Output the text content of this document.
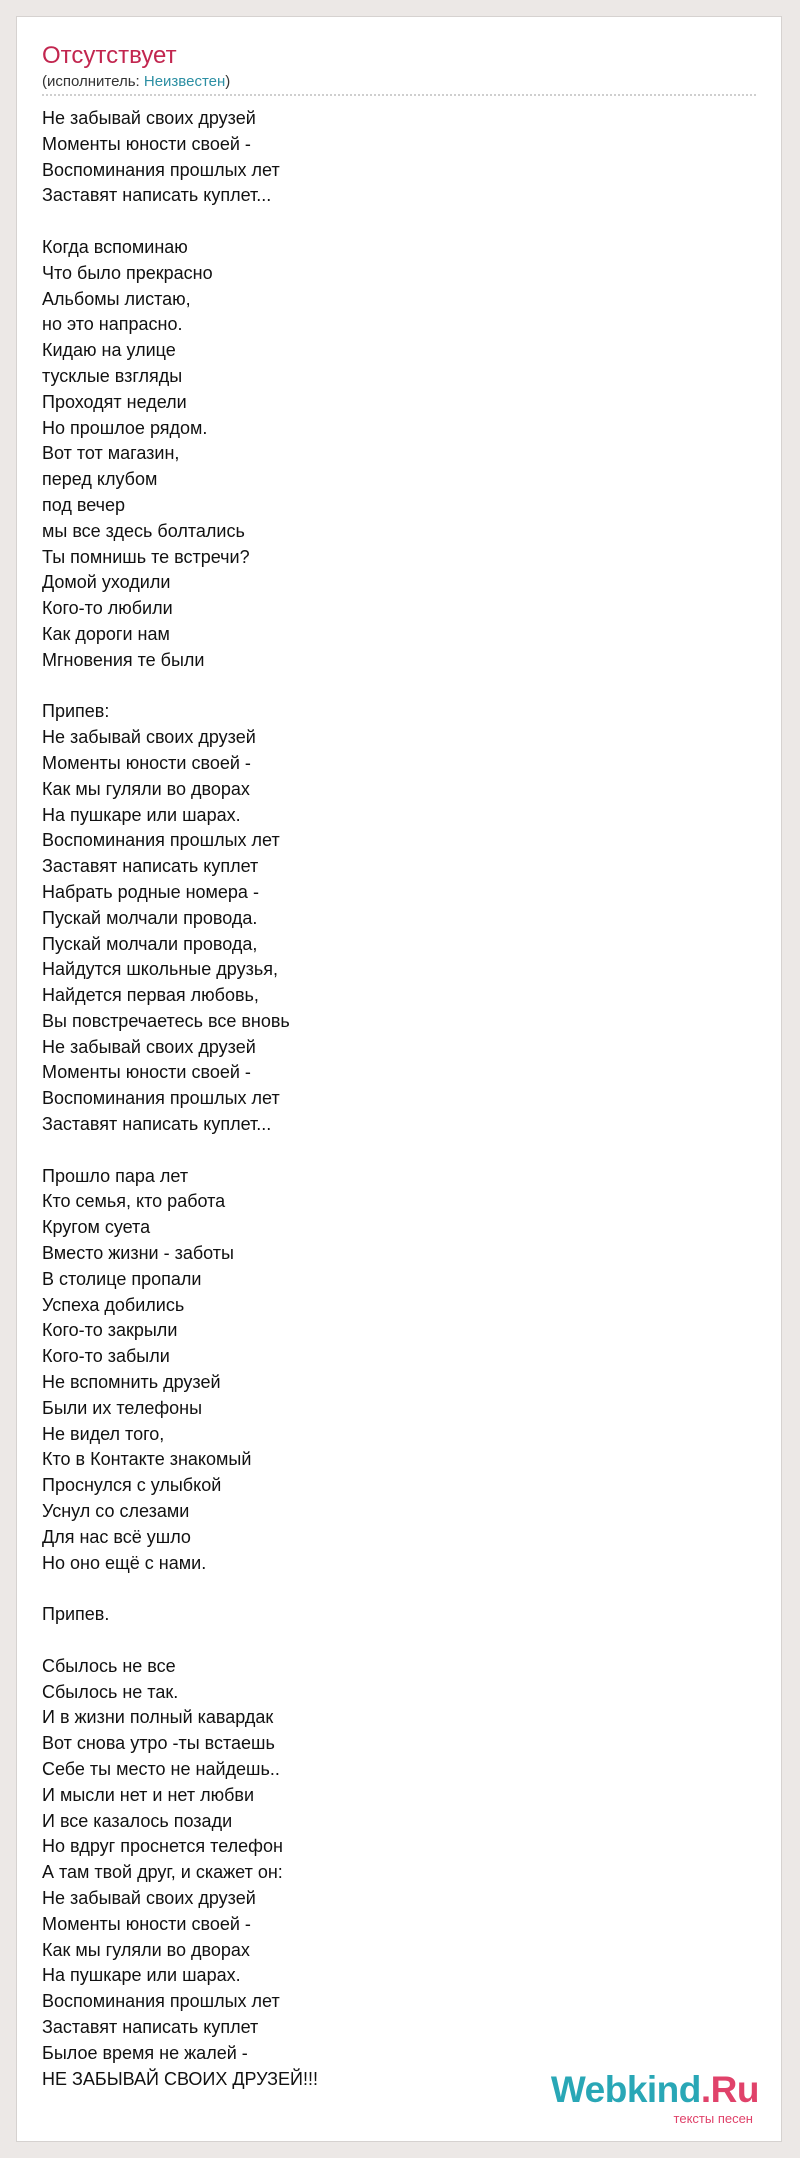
Отсутствует
(исполнитель: Неизвестен)
Не забывай своих друзей
Моменты юности своей -
Воспоминания прошлых лет
Заставят написать куплет...
Когда вспоминаю
Что было прекрасно
Альбомы листаю,
но это напрасно.
Кидаю на улице
тусклые взгляды
Проходят недели
Но прошлое рядом.
Вот тот магазин,
перед клубом
под вечер
мы все здесь болтались
Ты помнишь те встречи?
Домой уходили
Кого-то любили
Как дороги нам
Мгновения те были
Припев:
Не забывай своих друзей
Моменты юности своей -
Как мы гуляли во дворах
На пушкаре или шарах.
Воспоминания прошлых лет
Заставят написать куплет
Набрать родные номера -
Пускай молчали провода.
Пускай молчали провода,
Найдутся школьные друзья,
Найдется первая любовь,
Вы повстречаетесь все вновь
Не забывай своих друзей
Моменты юности своей -
Воспоминания прошлых лет
Заставят написать куплет...
Прошло пара лет
Кто семья, кто работа
Кругом суета
Вместо жизни - заботы
В столице пропали
Успеха добились
Кого-то закрыли
Кого-то забыли
Не вспомнить друзей
Были их телефоны
Не видел того,
Кто в Контакте знакомый
Проснулся с улыбкой
Уснул со слезами
Для нас всё ушло
Но оно ещё с нами.
Припев.
Сбылось не все
Сбылось не так.
И в жизни полный кавардак
Вот снова утро -ты встаешь
Себе ты место не найдешь..
И мысли нет и нет любви
И все казалось позади
Но вдруг проснется телефон
А там твой друг, и скажет он:
Не забывай своих друзей
Моменты юности своей -
Как мы гуляли во дворах
На пушкаре или шарах.
Воспоминания прошлых лет
Заставят написать куплет
Былое время не жалей -
НЕ ЗАБЫВАЙ СВОИХ ДРУЗЕЙ!!!	Webkind.Ru
тексты песен
